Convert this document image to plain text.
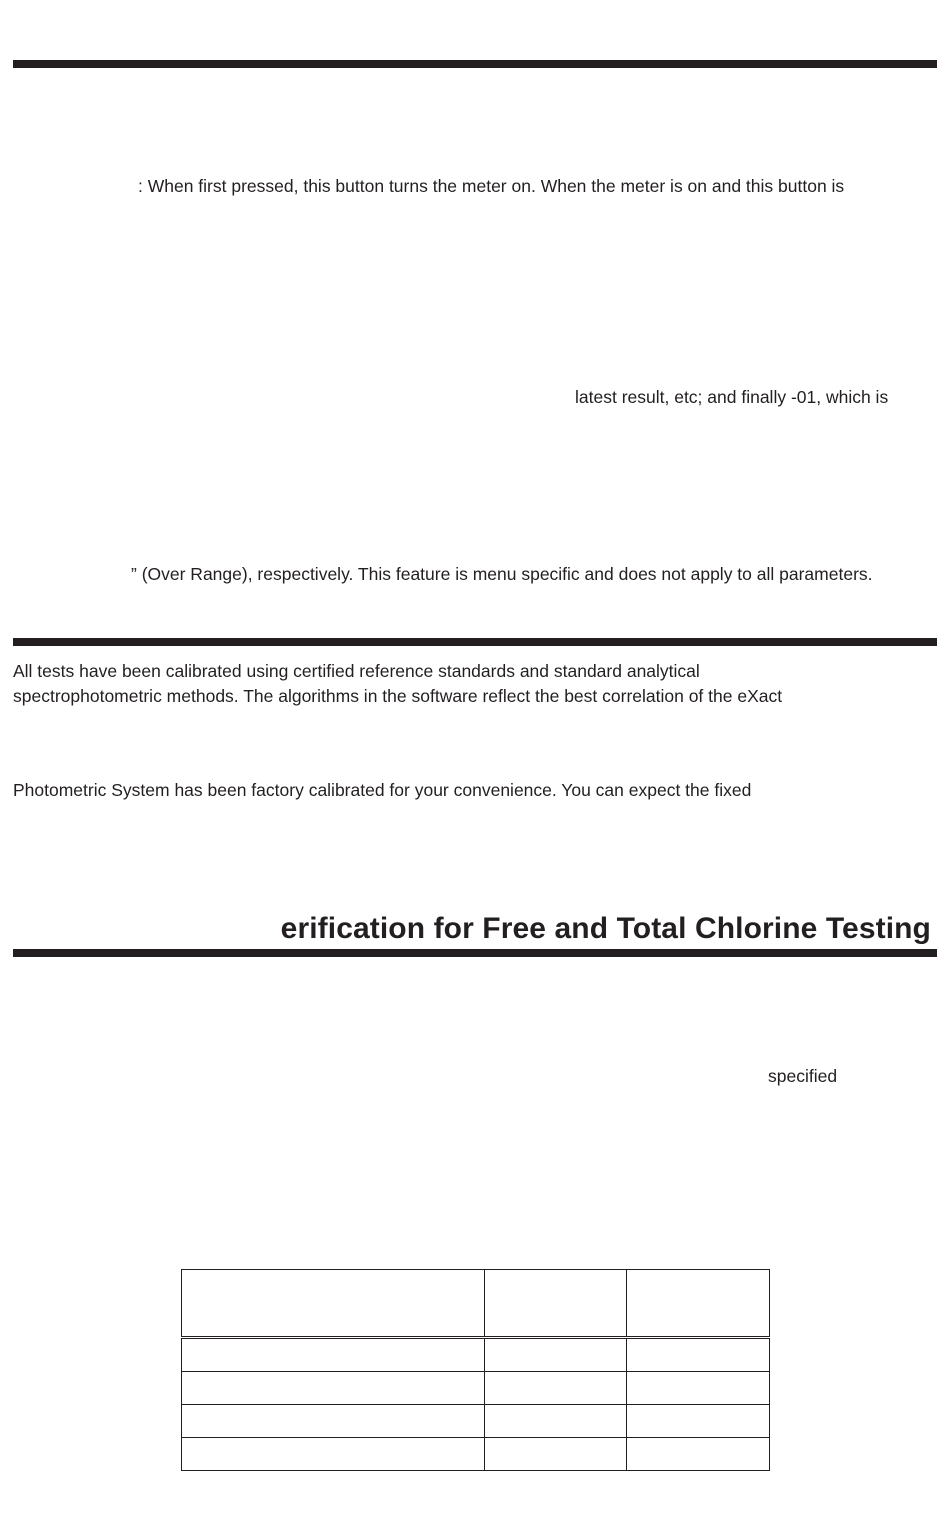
: When first pressed, this button turns the meter on. When the meter is on and this button is
latest result, etc; and finally -01, which is
” (Over Range), respectively. This feature is menu specific and does not apply to all parameters.
All tests have been calibrated using certified reference standards and standard analytical
spectrophotometric methods. The algorithms in the software reflect the best correlation of the eXact
Photometric System has been factory calibrated for your convenience. You can expect the fixed
erification for Free and Total Chlorine Testing
specified
